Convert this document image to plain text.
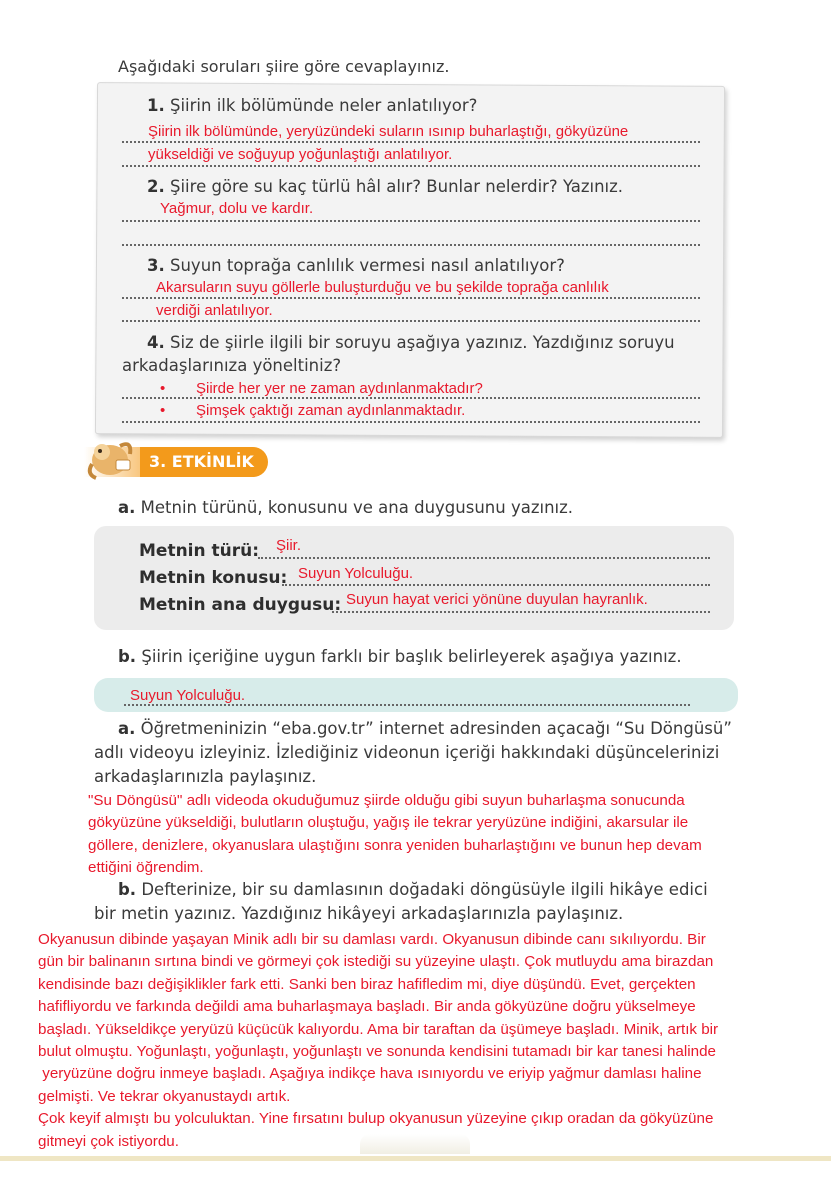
Aşağıdaki soruları şiire göre cevaplayınız.
1. Şiirin ilk bölümünde neler anlatılıyor?
Şiirin ilk bölümünde, yeryüzündeki suların ısınıp buharlaştığı, gökyüzüne
yükseldiği ve soğuyup yoğunlaştığı anlatılıyor.
2. Şiire göre su kaç türlü hâl alır? Bunlar nelerdir? Yazınız.
Yağmur, dolu ve kardır.
3. Suyun toprağa canlılık vermesi nasıl anlatılıyor?
Akarsuların suyu göllerle buluşturduğu ve bu şekilde toprağa canlılık
verdiği anlatılıyor.
4. Siz de şiirle ilgili bir soruyu aşağıya yazınız. Yazdığınız soruyu
arkadaşlarınıza yöneltiniz?
• Şiirde her yer ne zaman aydınlanmaktadır?
• Şimşek çaktığı zaman aydınlanmaktadır.
3. ETKİNLİK
a. Metnin türünü, konusunu ve ana duygusunu yazınız.
Metnin türü: Şiir.
Metnin konusu: Suyun Yolculuğu.
Metnin ana duygusu: Suyun hayat verici yönüne duyulan hayranlık.
b. Şiirin içeriğine uygun farklı bir başlık belirleyerek aşağıya yazınız.
Suyun Yolculuğu.
a. Öğretmeninizin “eba.gov.tr” internet adresinden açacağı “Su Döngüsü”
adlı videoyu izleyiniz. İzlediğiniz videonun içeriği hakkındaki düşüncelerinizi
arkadaşlarınızla paylaşınız.
"Su Döngüsü" adlı videoda okuduğumuz şiirde olduğu gibi suyun buharlaşma sonucunda
gökyüzüne yükseldiği, bulutların oluştuğu, yağış ile tekrar yeryüzüne indiğini, akarsular ile
göllere, denizlere, okyanuslara ulaştığını sonra yeniden buharlaştığını ve bunun hep devam
ettiğini öğrendim.
b. Defterinize, bir su damlasının doğadaki döngüsüyle ilgili hikâye edici
bir metin yazınız. Yazdığınız hikâyeyi arkadaşlarınızla paylaşınız.
Okyanusun dibinde yaşayan Minik adlı bir su damlası vardı. Okyanusun dibinde canı sıkılıyordu. Bir
gün bir balinanın sırtına bindi ve görmeyi çok istediği su yüzeyine ulaştı. Çok mutluydu ama birazdan
kendisinde bazı değişiklikler fark etti. Sanki ben biraz hafifledim mi, diye düşündü. Evet, gerçekten
hafifliyordu ve farkında değildi ama buharlaşmaya başladı. Bir anda gökyüzüne doğru yükselmeye
başladı. Yükseldikçe yeryüzü küçücük kalıyordu. Ama bir taraftan da üşümeye başladı. Minik, artık bir
bulut olmuştu. Yoğunlaştı, yoğunlaştı, yoğunlaştı ve sonunda kendisini tutamadı bir kar tanesi halinde
yeryüzüne doğru inmeye başladı. Aşağıya indikçe hava ısınıyordu ve eriyip yağmur damlası haline
gelmişti. Ve tekrar okyanustaydı artık.
Çok keyif almıştı bu yolculuktan. Yine fırsatını bulup okyanusun yüzeyine çıkıp oradan da gökyüzüne
gitmeyi çok istiyordu.
